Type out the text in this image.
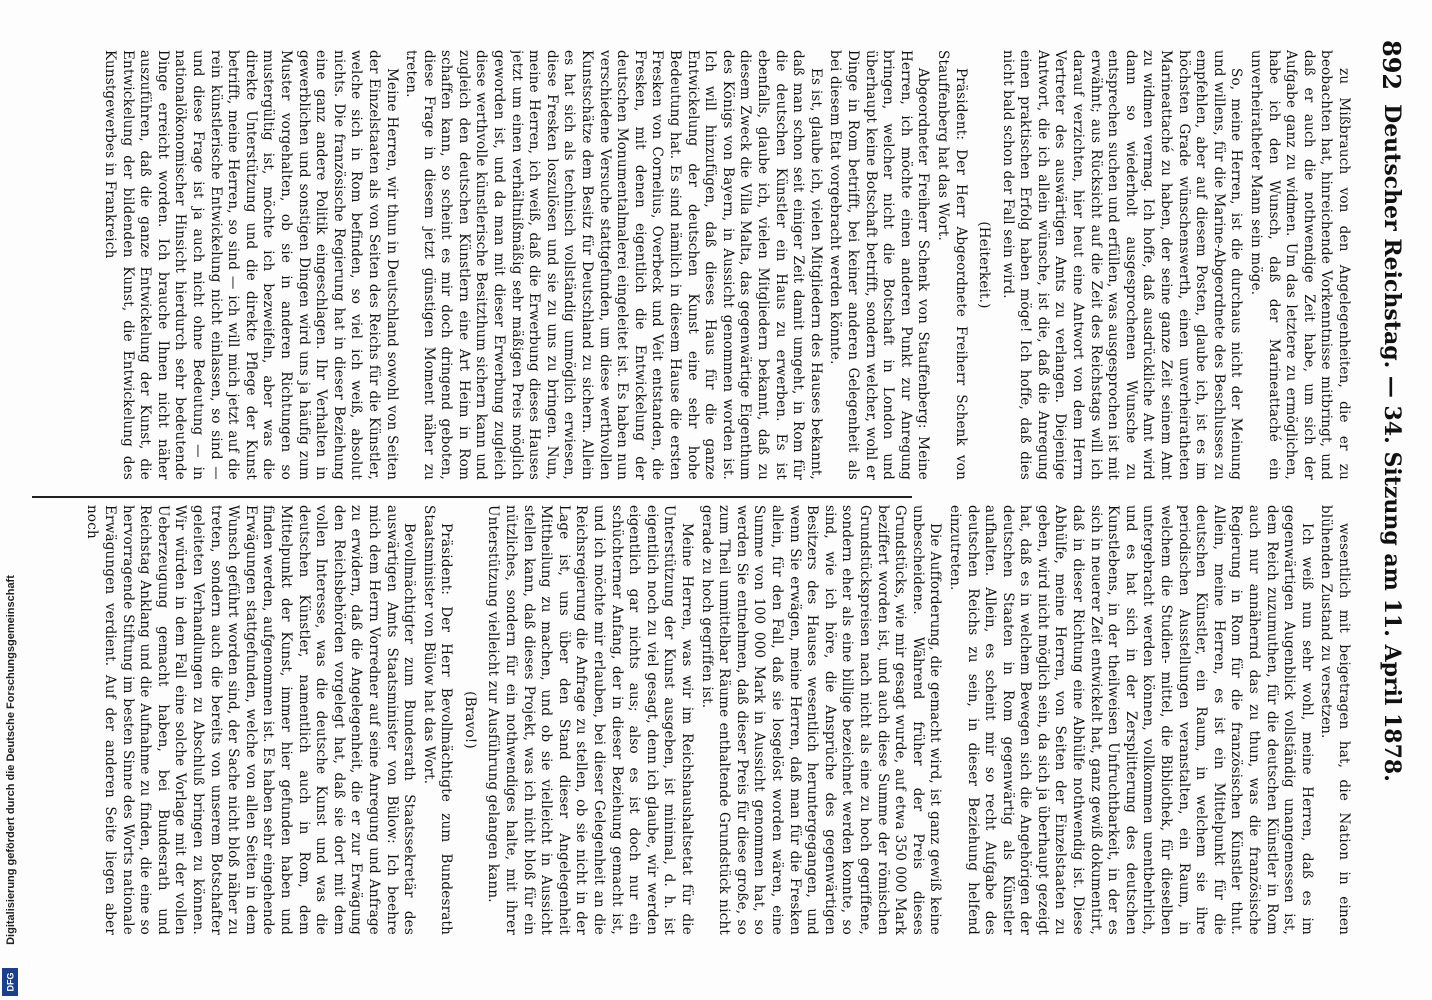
892
Deutscher Reichstag. — 34. Sitzung am 11. April 1878.

zu Mißbrauch von den Angelegenheiten, die er zu beobachten hat, hinreichende Vorkenntnisse mitbringt, und daß er auch die nothwendige Zeit habe, um sich der Aufgabe ganz zu widmen. Um das letztere zu ermöglichen, habe ich den Wunsch, daß der Marineattaché ein unverheiratheter Mann sein möge.

So, meine Herren, ist die durchaus nicht der Meinung und willens, für die Marine-Abgeordnete des Beschlusses zu empfehlen, aber auf diesem Posten, glaube ich, ist es im höchsten Grade wünschenswerth, einen unverheiratheten Marineattaché zu haben, der seine ganze Zeit seinem Amt zu widmen vermag. Ich hoffe, daß ausdrückliche Amt wird dann so wiederholt ausgesprochenen Wunsche zu entsprechen suchen und erfüllen, was ausgesprochen ist mit erwähnt; aus Rücksicht auf die Zeit des Reichstags will ich darauf verzichten, hier heut eine Antwort von dem Herrn Vertreter des auswärtigen Amts zu verlangen. Diejenige Antwort, die ich allein wünsche, ist die, daß die Anregung einen praktischen Erfolg haben möge! Ich hoffe, daß dies nicht bald schon der Fall sein wird.

(Heiterkeit.)

Präsident: Der Herr Abgeordnete Freiherr Schenk von Stauffenberg hat das Wort.

Abgeordneter Freiherr Schenk von Stauffenberg: Meine Herren, ich möchte einen anderen Punkt zur Anregung bringen, welcher nicht die Botschaft in London und überhaupt keine Botschaft betrifft, sondern welcher, wohl er Dinge in Rom betrifft, bei keiner anderen Gelegenheit als bei diesem Etat vorgebracht werden könnte.

Es ist, glaube ich, vielen Mitgliedern des Hauses bekannt, daß man schon seit einiger Zeit damit umgeht, in Rom für die deutschen Künstler ein Haus zu erwerben. Es ist ebenfalls, glaube ich, vielen Mitgliedern bekannt, daß zu diesem Zweck die Villa Malta, das gegenwärtige Eigenthum des Königs von Bayern, in Aussicht genommen worden ist. Ich will hinzufügen, daß dieses Haus für die ganze Entwickelung der deutschen Kunst eine sehr hohe Bedeutung hat. Es sind nämlich in diesem Hause die ersten Fresken von Cornelius, Overbeck und Veit entstanden, die Fresken, mit denen eigentlich die Entwickelung der deutschen Monumentalmalerei eingeleitet ist. Es haben nun verschiedene Versuche stattgefunden, um diese werthvollen Kunstschätze dem Besitz für Deutschland zu sichern. Allein es hat sich als technisch vollständig unmöglich erwiesen, diese Fresken loszulösen und sie zu uns zu bringen. Nun, meine Herren, ich weiß, daß die Erwerbung dieses Hauses jetzt um einen verhältnißmäßig sehr mäßigen Preis möglich geworden ist, und da man mit dieser Erwerbung zugleich diese werthvolle künstlerische Besitzthum sichern kann und zugleich den deutschen Künstlern eine Art Heim in Rom schaffen kann, so scheint es mir doch dringend geboten, diese Frage in diesem jetzt günstigen Moment näher zu treten.

Meine Herren, wir thun in Deutschland sowohl von Seiten der Einzelstaaten als von Seiten des Reichs für die Künstler, welche sich in Rom befinden, so viel ich weiß, absolut nichts. Die französische Regierung hat in dieser Beziehung eine ganz andere Politik eingeschlagen. Ihr Verhalten in gewerblichen und sonstigen Dingen wird uns ja häufig zum Muster vorgehalten, ob sie in anderen Richtungen so mustergültig ist, möchte ich bezweifeln, aber was die direkte Unterstützung und die direkte Pflege der Kunst betrifft, meine Herren, so sind — ich will mich jetzt auf die rein künstlerische Entwickelung nicht einlassen, so sind — und diese Frage ist ja auch nicht ohne Bedeutung — in nationalökonomischer Hinsicht hierdurch sehr bedeutende Dinge erreicht worden. Ich brauche Ihnen nicht näher auszuführen, daß die ganze Entwickelung der Kunst, die Entwickelung der bildenden Kunst, die Entwickelung des Kunstgewerbes in Frankreich

wesentlich mit beigetragen hat, die Nation in einen blühenden Zustand zu versetzen.

Ich weiß nun sehr wohl, meine Herren, daß es im gegenwärtigen Augenblick vollständig unangemessen ist, dem Reich zuzumuthen, für die deutschen Künstler in Rom auch nur annähernd das zu thun, was die französische Regierung in Rom für die französischen Künstler thut. Allein, meine Herren, es ist ein Mittelpunkt für die deutschen Künstler, ein Raum, in welchem sie ihre periodischen Ausstellungen veranstalten, ein Raum, in welchem die Studien- mittel, die Bibliothek, für dieselben untergebracht werden können, vollkommen unentbehrlich, und es hat sich in der Zersplitterung des deutschen Kunstlebens, in der theilweisen Unfruchtbarkeit, in der es sich in neuerer Zeit entwickelt hat, ganz gewiß dokumentirt, daß in dieser Richtung eine Abhülfe nothwendig ist. Diese Abhülfe, meine Herren, von Seiten der Einzelstaaten zu geben, wird nicht möglich sein, da sich ja überhaupt gezeigt hat, daß es in welchem Bewegen sich die Angehörigen der deutschen Staaten in Rom gegenwärtig als Künstler aufhalten. Allein, es scheint mir so recht Aufgabe des deutschen Reichs zu sein, in dieser Beziehung helfend einzutreten.

Die Aufforderung, die gemacht wird, ist ganz gewiß keine unbescheidene. Während früher der Preis dieses Grundstücks, wie mir gesagt wurde, auf etwa 350 000 Mark beziffert worden ist, und auch diese Summe der römischen Grundstückspreisen nach nicht als eine zu hoch gegriffene, sondern eher als eine billige bezeichnet werden konnte, so sind, wie ich höre, die Ansprüche des gegenwärtigen Besitzers des Hauses wesentlich heruntergegangen, und wenn Sie erwägen, meine Herren, daß man für die Fresken allein, für den Fall, daß sie losgelöst worden wären, eine Summe von 100 000 Mark in Aussicht genommen hat, so werden Sie entnehmen, daß dieser Preis für diese große, so zum Theil unmittelbar Räume enthaltende Grundstück nicht gerade zu hoch gegriffen ist.

Meine Herren, was wir im Reichshaushaltsetat für die Unterstützung der Kunst ausgeben, ist minimal, d. h. ist eigentlich noch zu viel gesagt, denn ich glaube, wir werden eigentlich gar nichts aus; also es ist doch nur ein schüchterner Anfang, der in dieser Beziehung gemacht ist, und ich möchte mir erlauben, bei dieser Gelegenheit an die Reichsregierung die Anfrage zu stellen, ob sie nicht in der Lage ist, uns über den Stand dieser Angelegenheit Mittheilung zu machen, und ob sie vielleicht in Aussicht stellen kann, daß dieses Projekt, was ich nicht bloß für ein nützliches, sondern für ein nothwendiges halte, mit ihrer Unterstützung vielleicht zur Ausführung gelangen kann.

(Bravo!)

Präsident: Der Herr Bevollmächtigte zum Bundesrath Staatsminister von Bülow hat das Wort.

Bevollmächtigter zum Bundesrath Staatssekretär des auswärtigen Amts Staatsminister von Bülow: Ich beehre mich dem Herrn Vorredner auf seine Anregung und Anfrage zu erwidern, daß die Angelegenheit, die er zur Erwägung den Reichsbehörden vorgelegt hat, daß sie dort mit dem vollen Interesse, was die deutsche Kunst und was die deutschen Künstler, namentlich auch in Rom, dem Mittelpunkt der Kunst, immer hier gefunden haben und finden werden, aufgenommen ist. Es haben sehr eingehende Erwägungen stattgefunden, welche von allen Seiten in dem Wunsch geführt worden sind, der Sache nicht bloß näher zu treten, sondern auch die bereits von unserem Botschafter geleiteten Verhandlungen zu Abschluß bringen zu können. Wir würden in dem Fall eine solche Vorlage mit der vollen Ueberzeugung gemacht haben, bei Bundesrath und Reichstag Anklang und die Aufnahme zu finden, die eine so hervorragende Stiftung im besten Sinne des Worts nationale Erwägungen verdient. Auf der anderen Seite liegen aber noch

Digitalisierung gefördert durch die Deutsche Forschungsgemeinschaft
DFG
